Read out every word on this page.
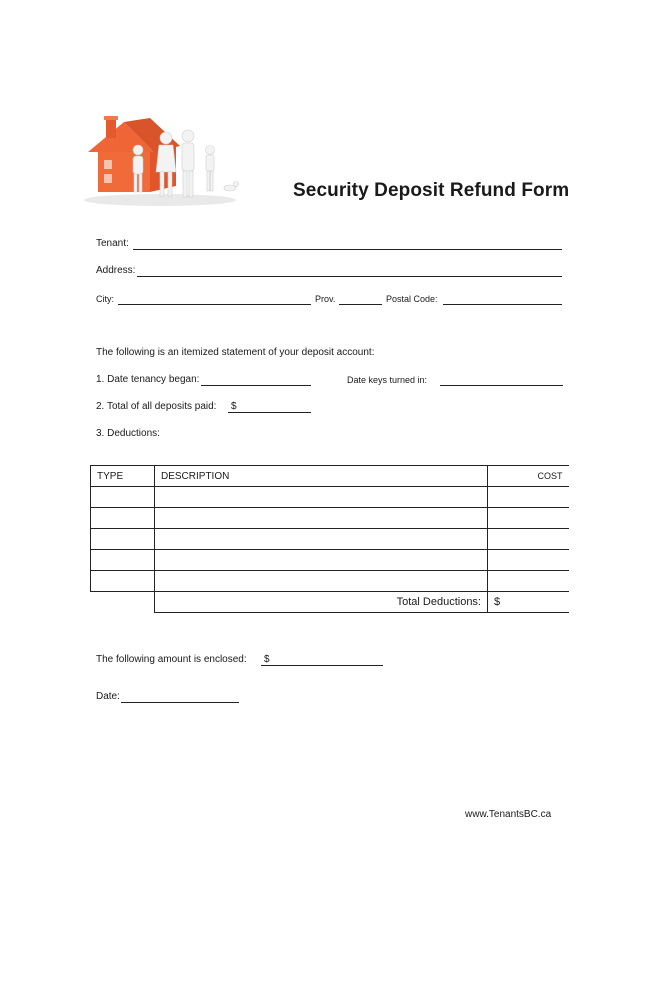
Security Deposit Refund Form
Tenant:
Address:
City:	Prov.	Postal Code:
The following is an itemized statement of your deposit account:
1. Date tenancy began:	Date keys turned in:
2. Total of all deposits paid: $
3. Deductions:
TYPE	DESCRIPTION	COST

	Total Deductions:	$
The following amount is enclosed: $
Date:
www.TenantsBC.ca
